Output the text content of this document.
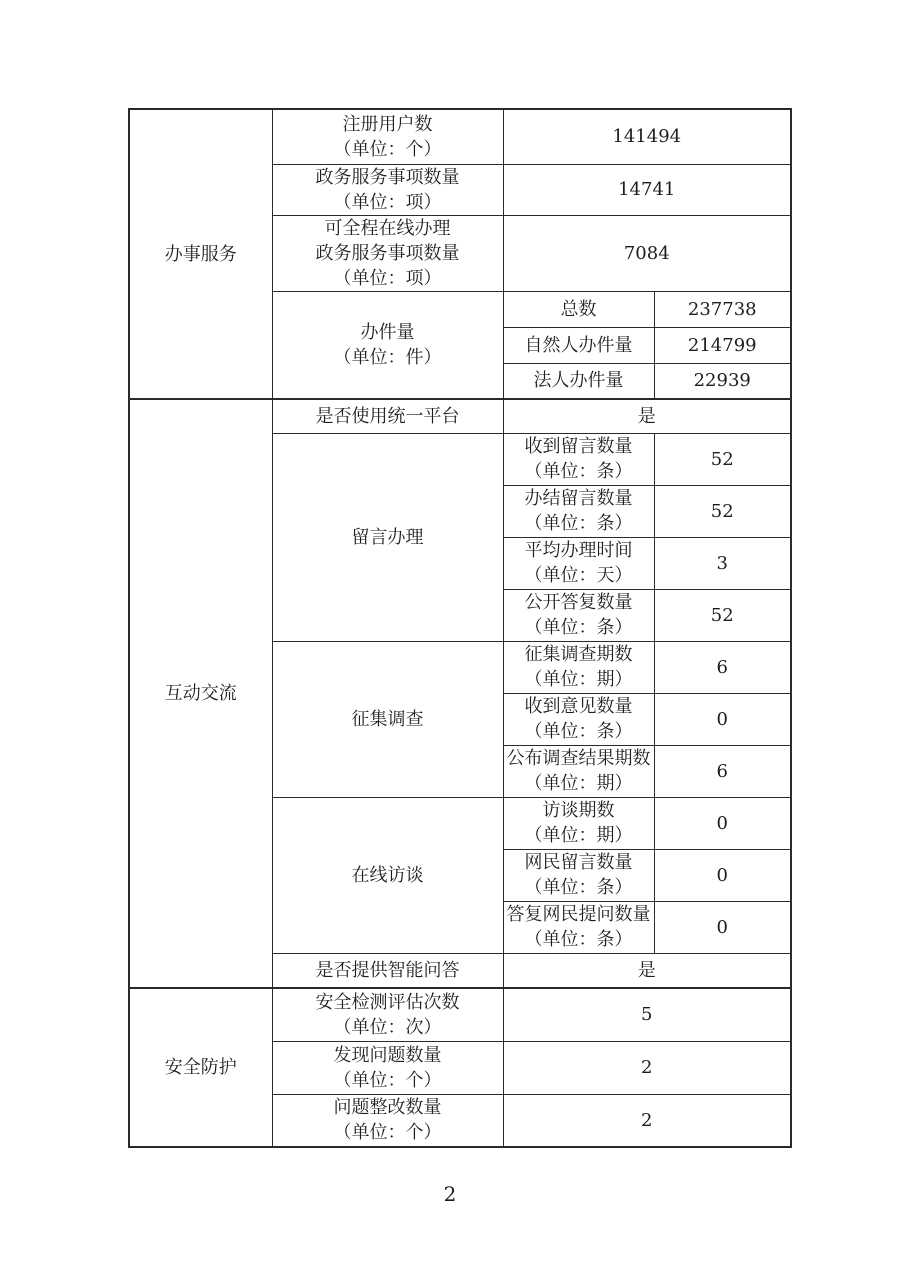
办事服务	注册用户数
（单位：个）	141494	

	政务服务事项数量
（单位：项）	14741	

	可全程在线办理
政务服务事项数量
（单位：项）	7084	

	办件量
（单位：件）	总数	237738
		自然人办件量	214799
		法人办件量	22939
互动交流	是否使用统一平台	是	
	留言办理	收到留言数量
（单位：条）	52

		办结留言数量
（单位：条）	52

		平均办理时间
（单位：天）	3

		公开答复数量
（单位：条）	52
	征集调查	征集调查期数
（单位：期）	6

		收到意见数量
（单位：条）	0

		公布调查结果期数
（单位：期）	6
	在线访谈	访谈期数
（单位：期）	0

		网民留言数量
（单位：条）	0

		答复网民提问数量
（单位：条）	0
	是否提供智能问答	是	
安全防护	安全检测评估次数
（单位：次）	5	

	发现问题数量
（单位：个）	2	

	问题整改数量
（单位：个）	2	
2
